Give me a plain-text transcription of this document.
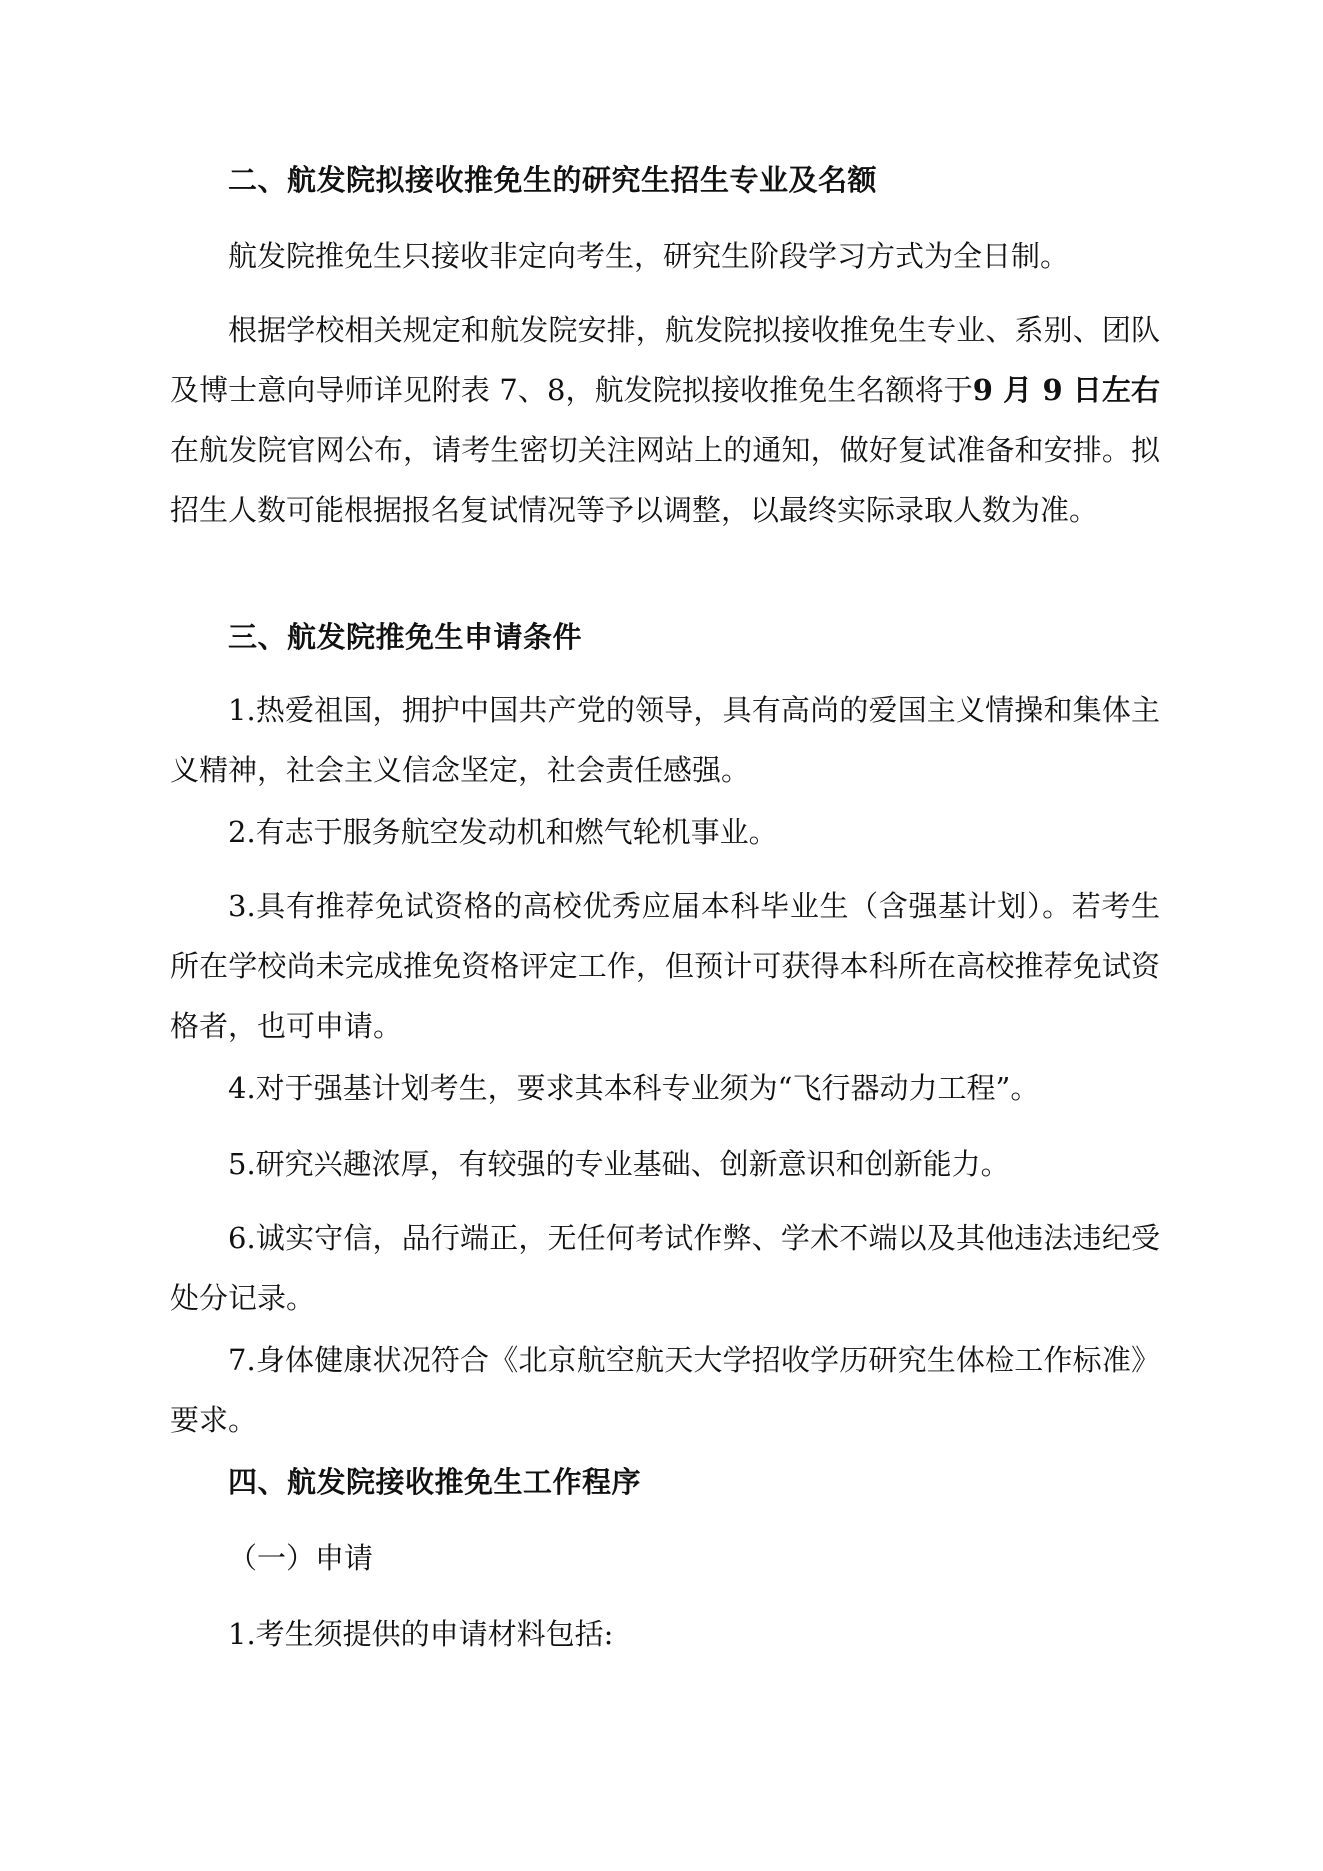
二、航发院拟接收推免生的研究生招生专业及名额

航发院推免生只接收非定向考生，研究生阶段学习方式为全日制。

根据学校相关规定和航发院安排，航发院拟接收推免生专业、系别、团队及博士意向导师详见附表 7、8，航发院拟接收推免生名额将于9 月 9 日左右在航发院官网公布，请考生密切关注网站上的通知，做好复试准备和安排。拟招生人数可能根据报名复试情况等予以调整，以最终实际录取人数为准。

三、航发院推免生申请条件

1.热爱祖国，拥护中国共产党的领导，具有高尚的爱国主义情操和集体主义精神，社会主义信念坚定，社会责任感强。

2.有志于服务航空发动机和燃气轮机事业。

3.具有推荐免试资格的高校优秀应届本科毕业生（含强基计划）。若考生所在学校尚未完成推免资格评定工作，但预计可获得本科所在高校推荐免试资格者，也可申请。

4.对于强基计划考生，要求其本科专业须为“飞行器动力工程”。

5.研究兴趣浓厚，有较强的专业基础、创新意识和创新能力。

6.诚实守信，品行端正，无任何考试作弊、学术不端以及其他违法违纪受处分记录。

7.身体健康状况符合《北京航空航天大学招收学历研究生体检工作标准》要求。

四、航发院接收推免生工作程序

（一）申请

1.考生须提供的申请材料包括:
